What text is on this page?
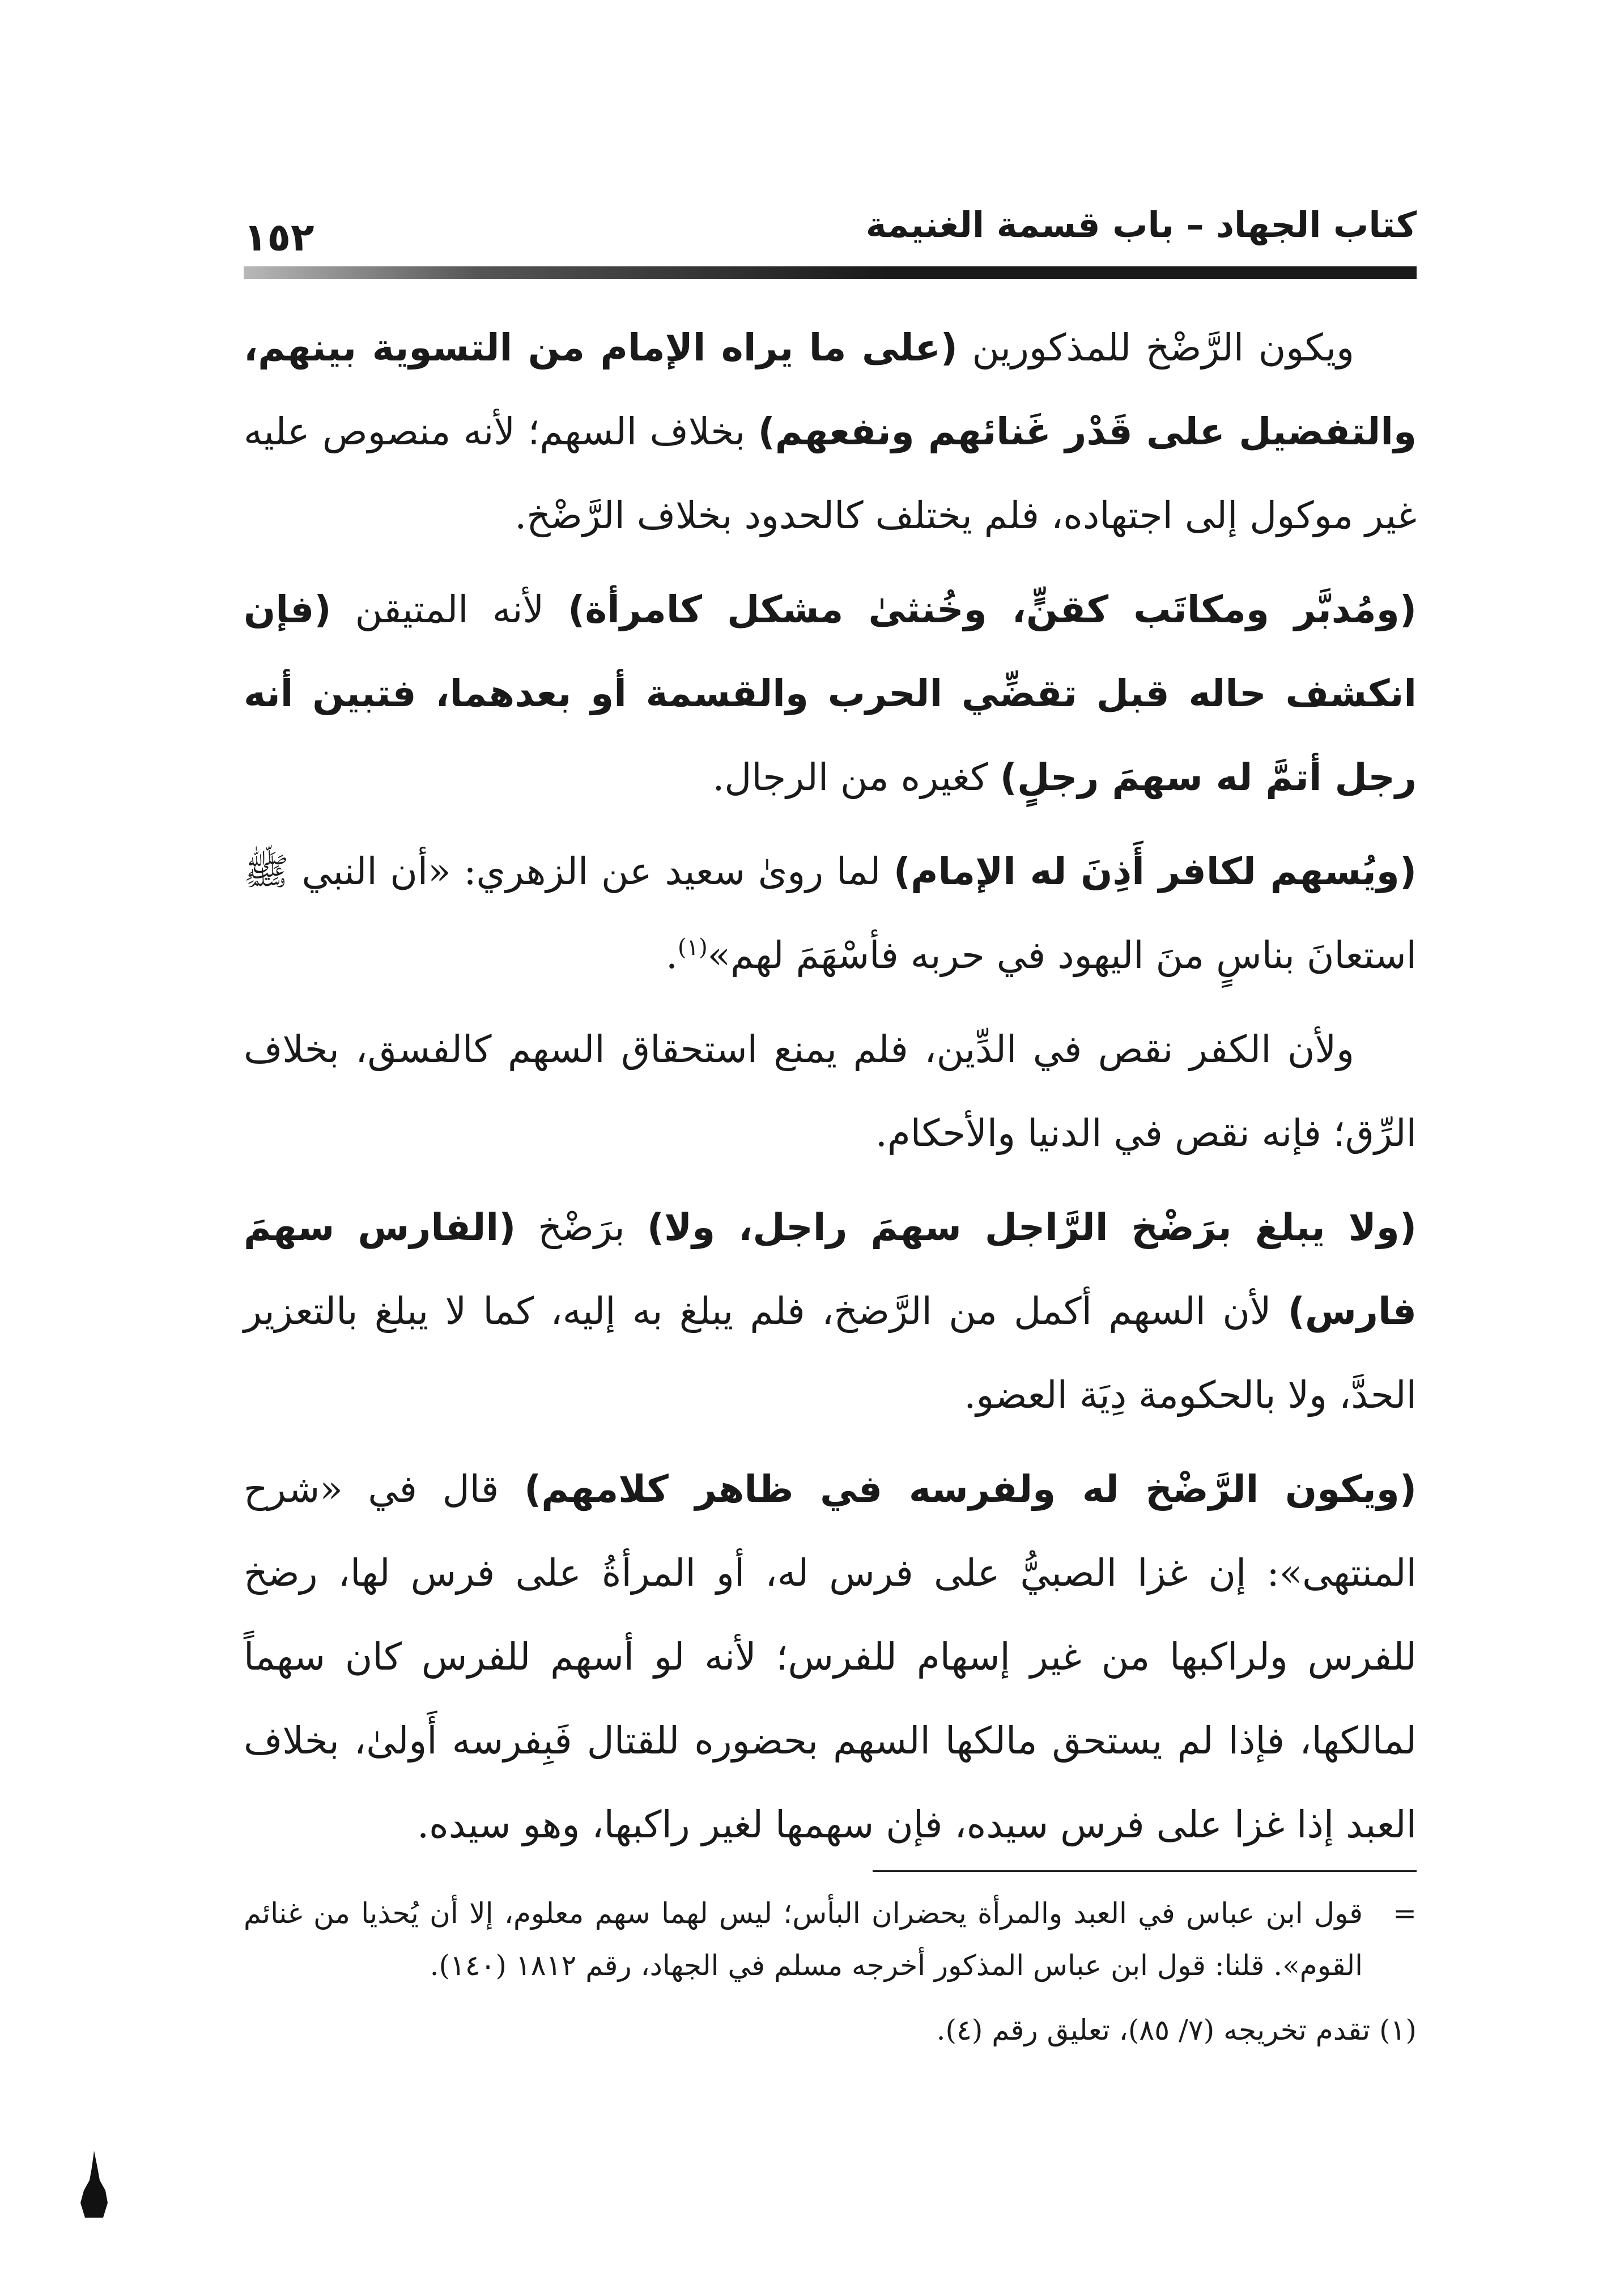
كتاب الجهاد – باب قسمة الغنيمة
١٥٢

ويكون الرَّضْخ للمذكورين (على ما يراه الإمام من التسوية بينهم، والتفضيل على قَدْر غَنائهم ونفعهم) بخلاف السهم؛ لأنه منصوص عليه غير موكول إلى اجتهاده، فلم يختلف كالحدود بخلاف الرَّضْخ.

(ومُدبَّر ومكاتَب كقنٍّ، وخُنثىٰ مشكل كامرأة) لأنه المتيقن (فإن انكشف حاله قبل تقضِّي الحرب والقسمة أو بعدهما، فتبين أنه رجل أتمَّ له سهمَ رجلٍ) كغيره من الرجال.

(ويُسهم لكافر أَذِنَ له الإمام) لما روىٰ سعيد عن الزهري: «أن النبي ﷺ استعانَ بناسٍ منَ اليهود في حربه فأسْهَمَ لهم»$^{(١)}$.

ولأن الكفر نقص في الدِّين، فلم يمنع استحقاق السهم كالفسق، بخلاف الرِّق؛ فإنه نقص في الدنيا والأحكام.

(ولا يبلغ برَضْخ الرَّاجل سهمَ راجل، ولا) برَضْخ (الفارس سهمَ فارس) لأن السهم أكمل من الرَّضخ، فلم يبلغ به إليه، كما لا يبلغ بالتعزير الحدَّ، ولا بالحكومة دِيَة العضو.

(ويكون الرَّضْخ له ولفرسه في ظاهر كلامهم) قال في «شرح المنتهى»: إن غزا الصبيُّ على فرس له، أو المرأةُ على فرس لها، رضخ للفرس ولراكبها من غير إسهام للفرس؛ لأنه لو أسهم للفرس كان سهماً لمالكها، فإذا لم يستحق مالكها السهم بحضوره للقتال فَبِفرسه أَولىٰ، بخلاف العبد إذا غزا على فرس سيده، فإن سهمها لغير راكبها، وهو سيده.

=
قول ابن عباس في العبد والمرأة يحضران البأس؛ ليس لهما سهم معلوم، إلا أن يُحذيا من غنائم القوم». قلنا: قول ابن عباس المذكور أخرجه مسلم في الجهاد، رقم ١٨١٢ (١٤٠).

(١) تقدم تخريجه (٧/ ٨٥)، تعليق رقم (٤).
